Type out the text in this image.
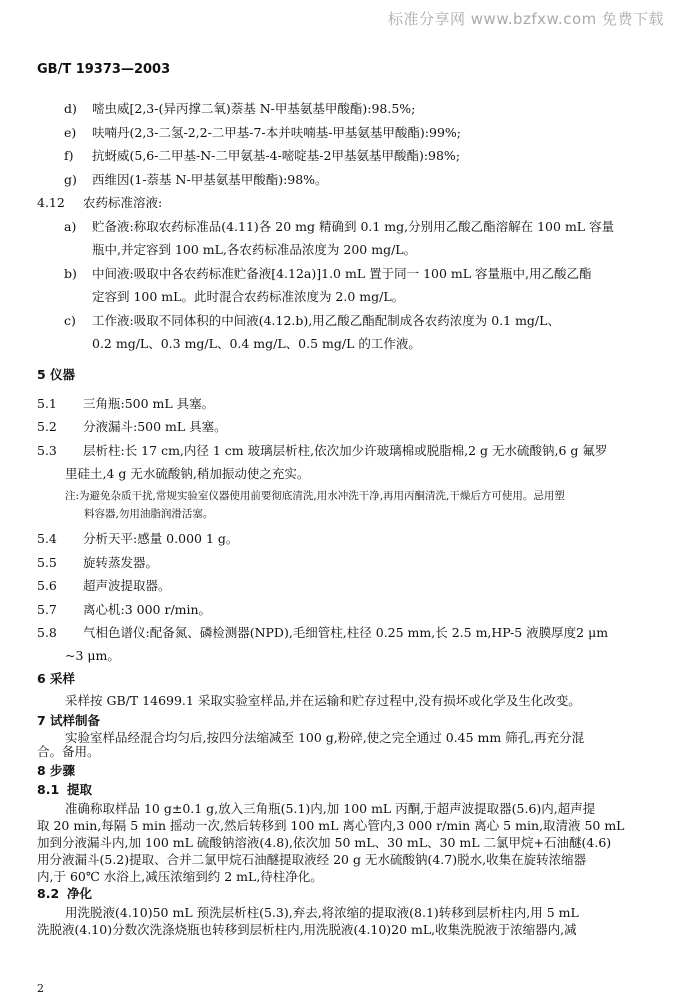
标准分享网 www.bzfxw.com 免费下载
GB/T 19373—2003
d) 嘧虫威[2,3-(异丙撑二氧)萘基 N-甲基氨基甲酸酯):98.5%;
e) 呋喃丹(2,3-二氢-2,2-二甲基-7-本并呋喃基-甲基氨基甲酸酯):99%;
f) 抗蚜威(5,6-二甲基-N-二甲氨基-4-嘧啶基-2甲基氨基甲酸酯):98%;
g) 西维因(1-萘基 N-甲基氨基甲酸酯):98%。
4.12 农药标准溶液:
a) 贮备液:称取农药标准品(4.11)各 20 mg 精确到 0.1 mg,分别用乙酸乙酯溶解在 100 mL 容量
瓶中,并定容到 100 mL,各农药标准品浓度为 200 mg/L。
b) 中间液:吸取中各农药标准贮备液[4.12a)]1.0 mL 置于同一 100 mL 容量瓶中,用乙酸乙酯
定容到 100 mL。此时混合农药标准浓度为 2.0 mg/L。
c) 工作液:吸取不同体积的中间液(4.12.b),用乙酸乙酯配制成各农药浓度为 0.1 mg/L、
0.2 mg/L、0.3 mg/L、0.4 mg/L、0.5 mg/L 的工作液。
5 仪器
5.1 三角瓶:500 mL 具塞。
5.2 分液漏斗:500 mL 具塞。
5.3 层析柱:长 17 cm,内径 1 cm 玻璃层析柱,依次加少许玻璃棉或脱脂棉,2 g 无水硫酸钠,6 g 氟罗
里硅土,4 g 无水硫酸钠,稍加振动使之充实。
注:为避免杂质干扰,常规实验室仪器使用前要彻底清洗,用水冲洗干净,再用丙酮清洗,干燥后方可使用。忌用塑
料容器,勿用油脂润滑活塞。
5.4 分析天平:感量 0.000 1 g。
5.5 旋转蒸发器。
5.6 超声波提取器。
5.7 离心机:3 000 r/min。
5.8 气相色谱仪:配备氮、磷检测器(NPD),毛细管柱,柱径 0.25 mm,长 2.5 m,HP-5 液膜厚度2 μm
~3 μm。
6 采样
采样按 GB/T 14699.1 采取实验室样品,并在运输和贮存过程中,没有损坏或化学及生化改变。
7 试样制备
实验室样品经混合均匀后,按四分法缩减至 100 g,粉碎,使之完全通过 0.45 mm 筛孔,再充分混
合。备用。
8 步骤
8.1 提取
准确称取样品 10 g±0.1 g,放入三角瓶(5.1)内,加 100 mL 丙酮,于超声波提取器(5.6)内,超声提
取 20 min,每隔 5 min 摇动一次,然后转移到 100 mL 离心管内,3 000 r/min 离心 5 min,取清液 50 mL
加到分液漏斗内,加 100 mL 硫酸钠溶液(4.8),依次加 50 mL、30 mL、30 mL 二氯甲烷+石油醚(4.6)
用分液漏斗(5.2)提取、合并二氯甲烷石油醚提取液经 20 g 无水硫酸钠(4.7)脱水,收集在旋转浓缩器
内,于 60℃ 水浴上,减压浓缩到约 2 mL,待柱净化。
8.2 净化
2
用洗脱液(4.10)50 mL 预洗层析柱(5.3),弃去,将浓缩的提取液(8.1)转移到层析柱内,用 5 mL
洗脱液(4.10)分数次洗涤烧瓶也转移到层析柱内,用洗脱液(4.10)20 mL,收集洗脱液于浓缩器内,减
